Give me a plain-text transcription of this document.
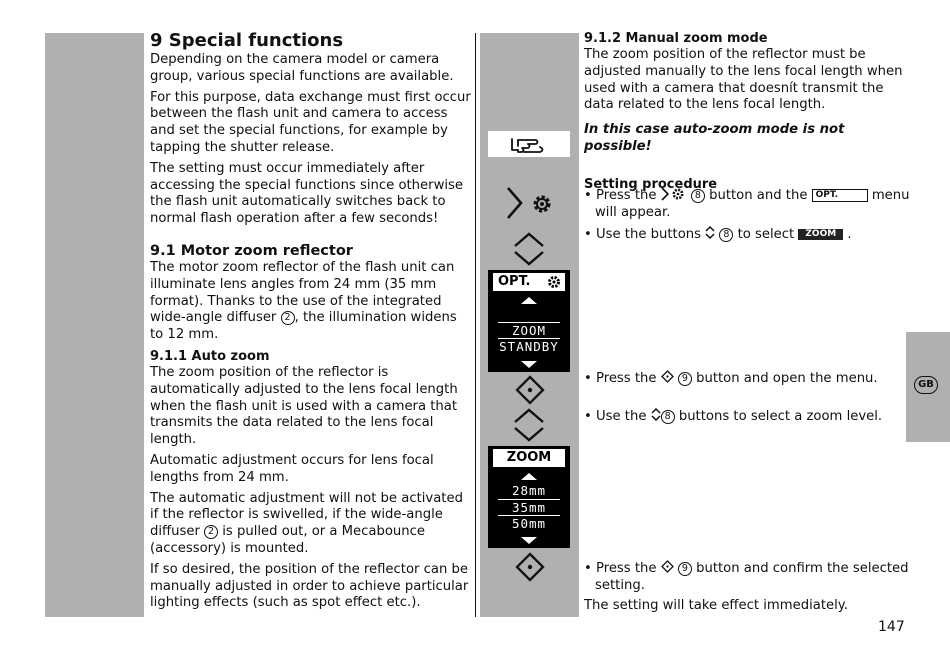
9 Special functions

Depending on the camera model or camera group, various special functions are available.

For this purpose, data exchange must first occur between the flash unit and camera to access and set the special functions, for example by tapping the shutter release.

The setting must occur immediately after accessing the special functions since otherwise the flash unit automatically switches back to normal flash operation after a few seconds!

9.1 Motor zoom reflector

The motor zoom reflector of the flash unit can illuminate lens angles from 24 mm (35 mm format). Thanks to the use of the integrated wide-angle diffuser 2 , the illumination widens to 12 mm.

9.1.1 Auto zoom

The zoom position of the reflector is automatically adjusted to the lens focal length when the flash unit is used with a camera that transmits the data related to the lens focal length.

Automatic adjustment occurs for lens focal lengths from 24 mm.

The automatic adjustment will not be activated if the reflector is swivelled, if the wide-angle diffuser 2 is pulled out, or a Mecabounce (accessory) is mounted.

If so desired, the position of the reflector can be manually adjusted in order to achieve particular lighting effects (such as spot effect etc.).

OPT.
ZOOM
STANDBY
ZOOM
28mm
35mm
50mm
9.1.2 Manual zoom mode

The zoom position of the reflector must be adjusted manually to the lens focal length when used with a camera that doesnít transmit the data related to the lens focal length.

In this case auto-zoom mode is not possible!

Setting procedure
• Press the	8 button and the OPT. menu will appear.
• Use the buttons  8 to select ZOOM .
• Press the  9 button and open the menu.
• Use the 8 buttons to select a zoom level.
• Press the  9 button and confirm the selected setting.
The setting will take effect immediately.
GB
147
